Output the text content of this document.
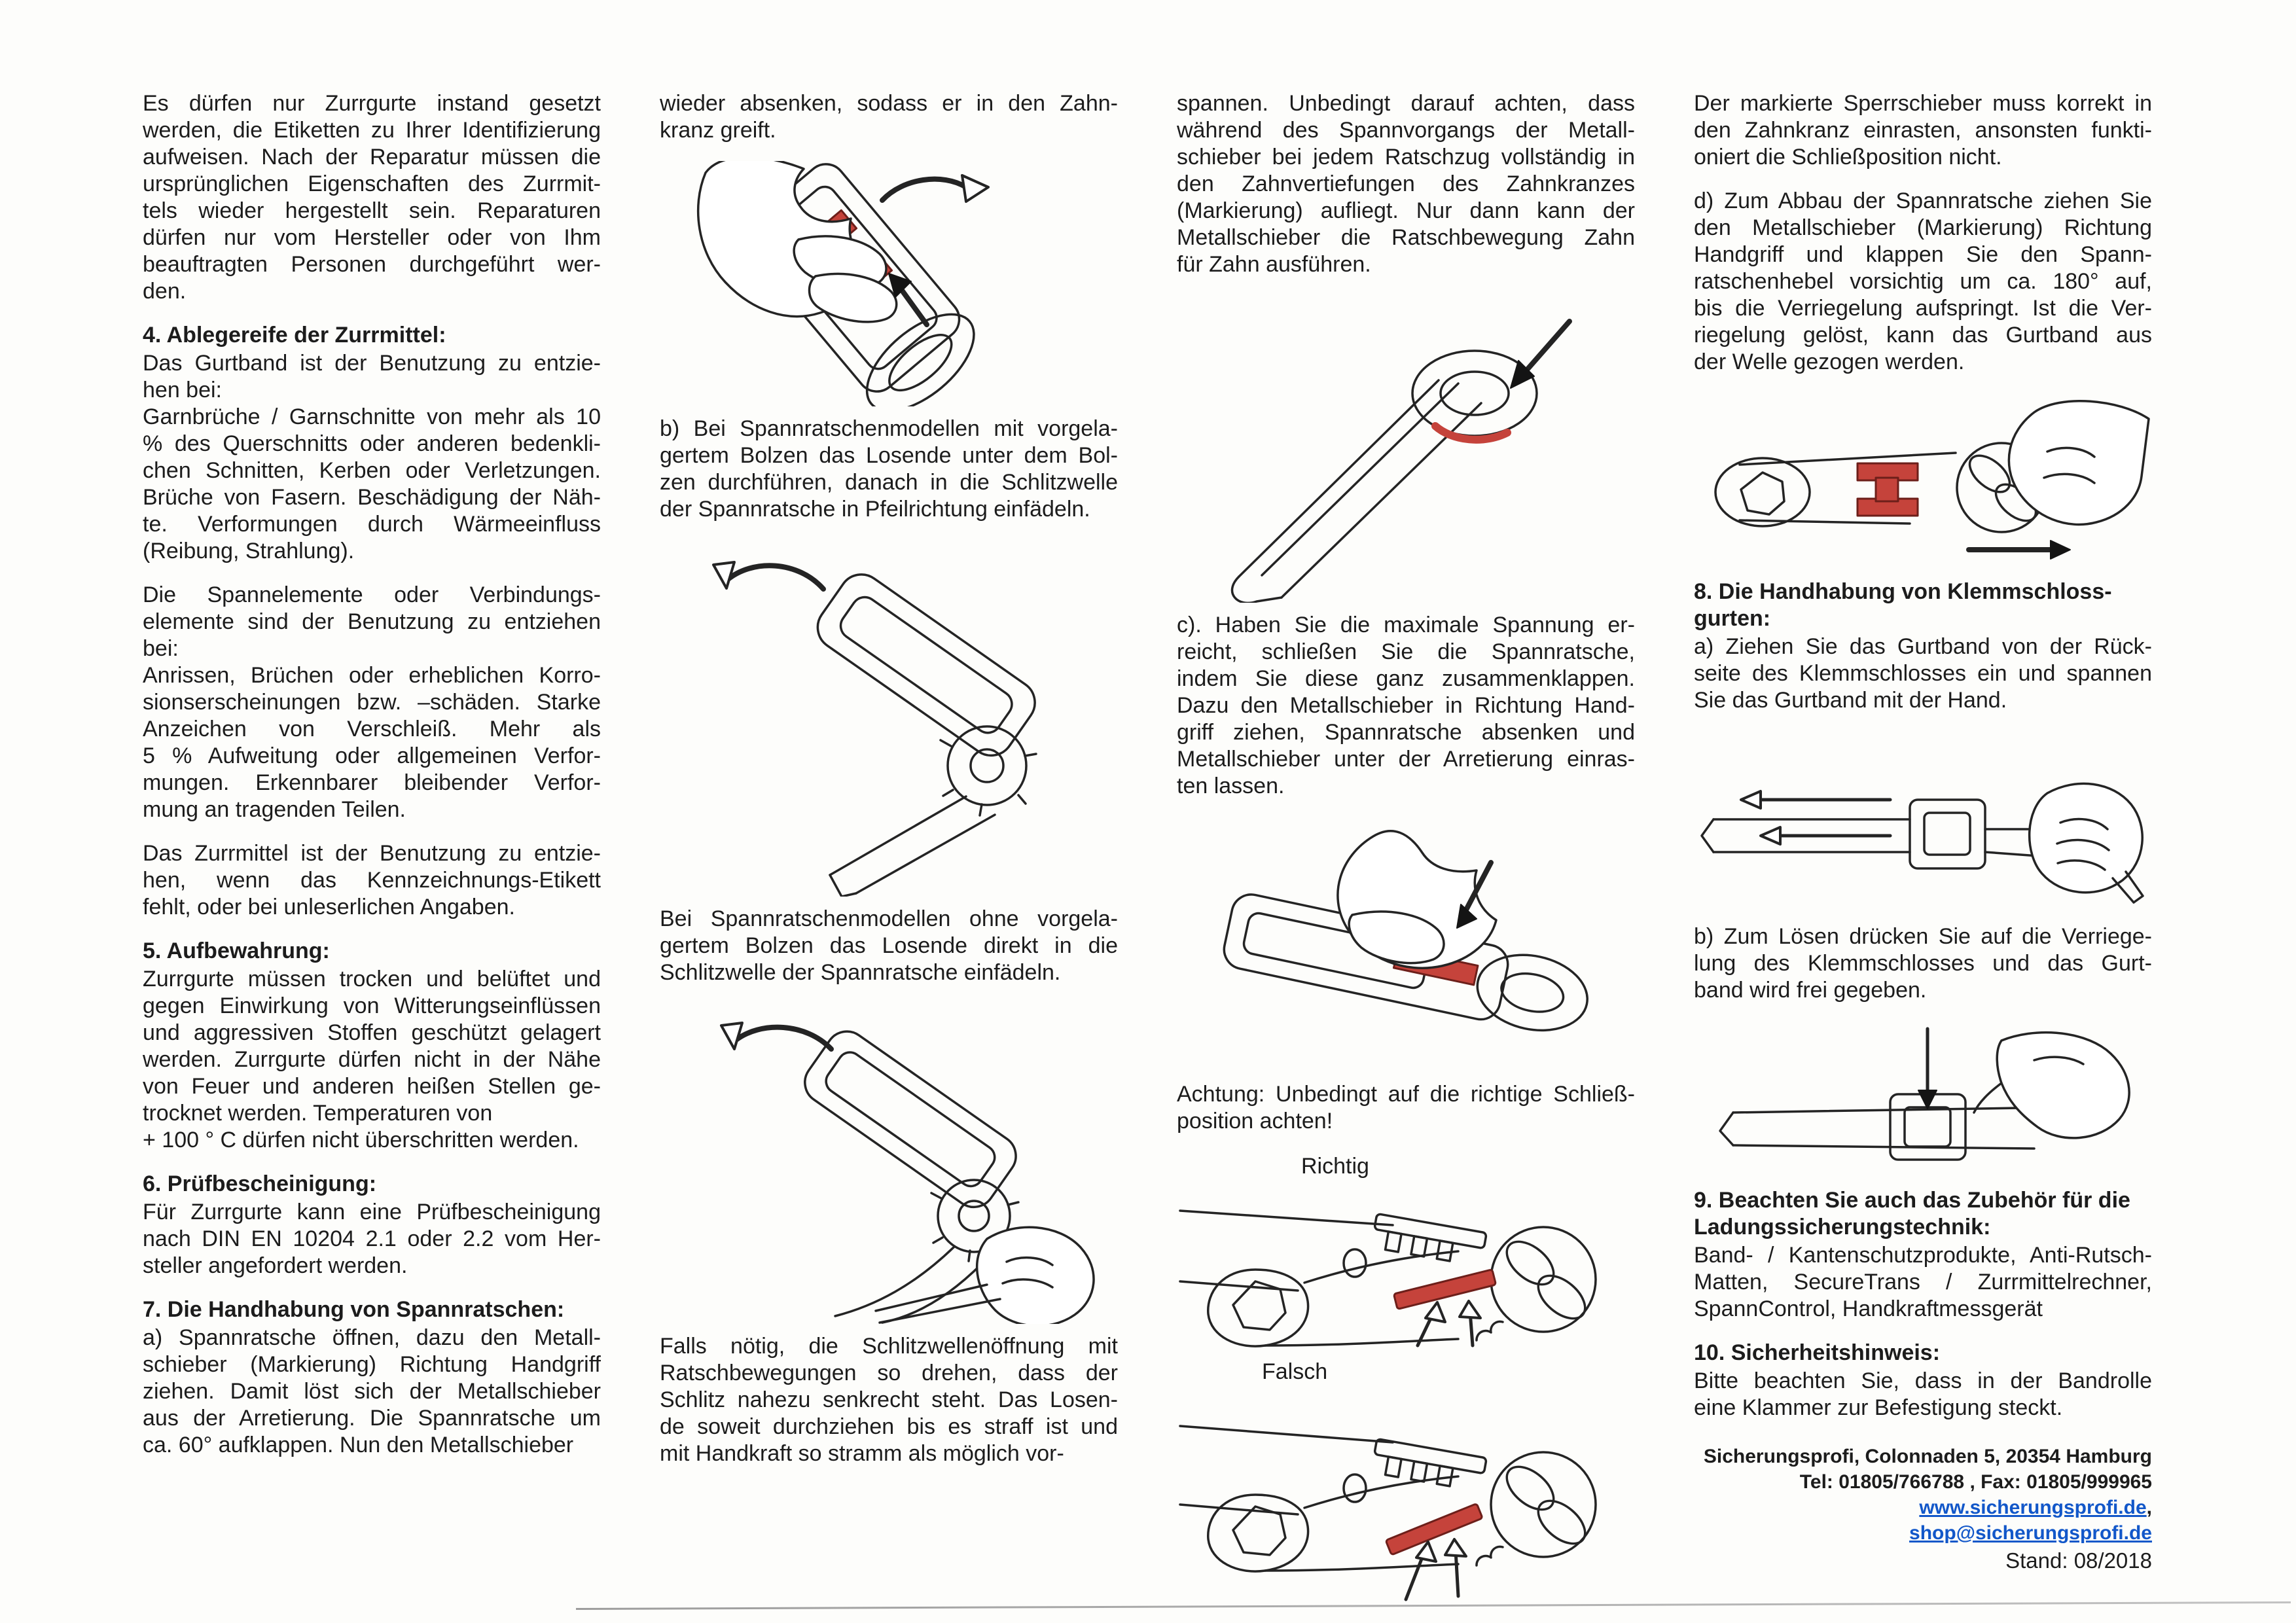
Es dürfen nur Zurrgurte instand gesetzt
werden, die Etiketten zu Ihrer Identifizierung
aufweisen. Nach der Reparatur müssen die
ursprünglichen Eigenschaften des Zurrmit-
tels wieder hergestellt sein. Reparaturen
dürfen nur vom Hersteller oder von Ihm
beauftragten Personen durchgeführt wer-
den.
4. Ablegereife der Zurrmittel:
Das Gurtband ist der Benutzung zu entzie-
hen bei:
Garnbrüche / Garnschnitte von mehr als 10
% des Querschnitts oder anderen bedenkli-
chen Schnitten, Kerben oder Verletzungen.
Brüche von Fasern. Beschädigung der Näh-
te. Verformungen durch Wärmeeinfluss
(Reibung, Strahlung).
Die Spannelemente oder Verbindungs-
elemente sind der Benutzung zu entziehen
bei:
Anrissen, Brüchen oder erheblichen Korro-
sionserscheinungen bzw. –schäden. Starke
Anzeichen von Verschleiß. Mehr als
5 % Aufweitung oder allgemeinen Verfor-
mungen. Erkennbarer bleibender Verfor-
mung an tragenden Teilen.
Das Zurrmittel ist der Benutzung zu entzie-
hen, wenn das Kennzeichnungs-Etikett
fehlt, oder bei unleserlichen Angaben.
5. Aufbewahrung:
Zurrgurte müssen trocken und belüftet und
gegen Einwirkung von Witterungseinflüssen
und aggressiven Stoffen geschützt gelagert
werden. Zurrgurte dürfen nicht in der Nähe
von Feuer und anderen heißen Stellen ge-
trocknet werden. Temperaturen von
+ 100 ° C dürfen nicht überschritten werden.
6. Prüfbescheinigung:
Für Zurrgurte kann eine Prüfbescheinigung
nach DIN EN 10204 2.1 oder 2.2 vom Her-
steller angefordert werden.
7. Die Handhabung von Spannratschen:
a) Spannratsche öffnen, dazu den Metall-
schieber (Markierung) Richtung Handgriff
ziehen. Damit löst sich der Metallschieber
aus der Arretierung. Die Spannratsche um
ca. 60° aufklappen. Nun den Metallschieber
wieder absenken, sodass er in den Zahn-
kranz greift.
b) Bei Spannratschenmodellen mit vorgela-
gertem Bolzen das Losende unter dem Bol-
zen durchführen, danach in die Schlitzwelle
der Spannratsche in Pfeilrichtung einfädeln.
Bei Spannratschenmodellen ohne vorgela-
gertem Bolzen das Losende direkt in die
Schlitzwelle der Spannratsche einfädeln.
Falls nötig, die Schlitzwellenöffnung mit
Ratschbewegungen so drehen, dass der
Schlitz nahezu senkrecht steht. Das Losen-
de soweit durchziehen bis es straff ist und
mit Handkraft so stramm als möglich vor-
spannen. Unbedingt darauf achten, dass
während des Spannvorgangs der Metall-
schieber bei jedem Ratschzug vollständig in
den Zahnvertiefungen des Zahnkranzes
(Markierung) aufliegt. Nur dann kann der
Metallschieber die Ratschbewegung Zahn
für Zahn ausführen.
c). Haben Sie die maximale Spannung er-
reicht, schließen Sie die Spannratsche,
indem Sie diese ganz zusammenklappen.
Dazu den Metallschieber in Richtung Hand-
griff ziehen, Spannratsche absenken und
Metallschieber unter der Arretierung einras-
ten lassen.
Achtung: Unbedingt auf die richtige Schließ-
position achten!
Richtig
Falsch
Der markierte Sperrschieber muss korrekt in
den Zahnkranz einrasten, ansonsten funkti-
oniert die Schließposition nicht.
d) Zum Abbau der Spannratsche ziehen Sie
den Metallschieber (Markierung) Richtung
Handgriff und klappen Sie den Spann-
ratschenhebel vorsichtig um ca. 180° auf,
bis die Verriegelung aufspringt. Ist die Ver-
riegelung gelöst, kann das Gurtband aus
der Welle gezogen werden.
8. Die Handhabung von Klemmschloss-
gurten:
a) Ziehen Sie das Gurtband von der Rück-
seite des Klemmschlosses ein und spannen
Sie das Gurtband mit der Hand.
b) Zum Lösen drücken Sie auf die Verriege-
lung des Klemmschlosses und das Gurt-
band wird frei gegeben.
9. Beachten Sie auch das Zubehör für die
Ladungssicherungstechnik:
Band- / Kantenschutzprodukte, Anti-Rutsch-
Matten, SecureTrans / Zurrmittelrechner,
SpannControl, Handkraftmessgerät
10. Sicherheitshinweis:
Bitte beachten Sie, dass in der Bandrolle
eine Klammer zur Befestigung steckt.
Sicherungsprofi, Colonnaden 5, 20354 Hamburg
Tel: 01805/766788 , Fax: 01805/999965
www.sicherungsprofi.de, shop@sicherungsprofi.de
Stand: 08/2018
